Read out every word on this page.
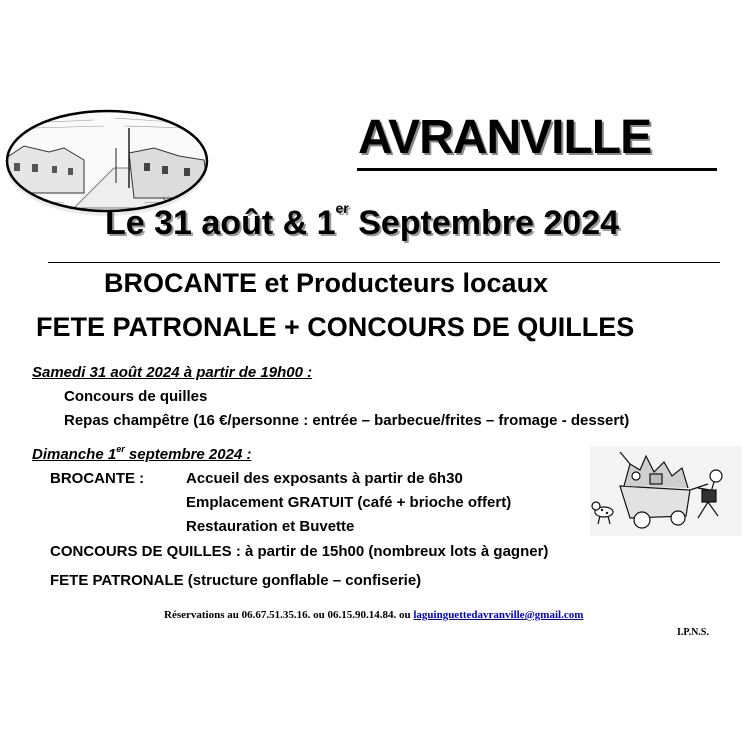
AVRANVILLE
Le 31 août & 1er Septembre 2024
BROCANTE et Producteurs locaux
FETE PATRONALE + CONCOURS DE QUILLES
Samedi 31 août 2024 à partir de 19h00 :
Concours de quilles
Repas champêtre (16 €/personne : entrée – barbecue/frites – fromage - dessert)
Dimanche 1er septembre 2024 :
BROCANTE :	Accueil des exposants à partir de 6h30
Emplacement GRATUIT (café + brioche offert)
Restauration et Buvette
CONCOURS DE QUILLES : à partir de 15h00 (nombreux lots à gagner)
FETE PATRONALE (structure gonflable – confiserie)
Réservations au 06.67.51.35.16. ou 06.15.90.14.84. ou laguinguettedavranville@gmail.com
I.P.N.S.
